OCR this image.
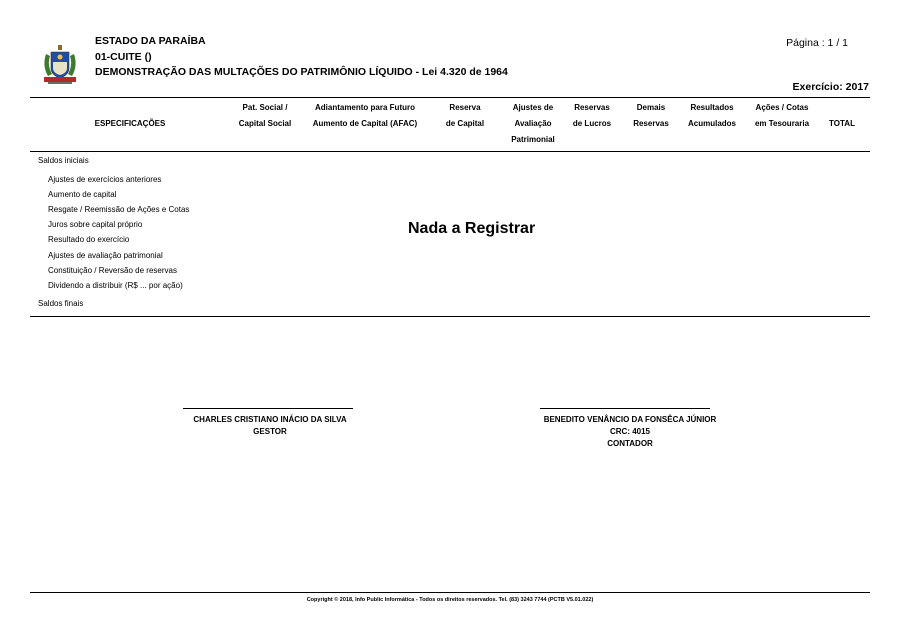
ESTADO DA PARAÍBA
01-CUITE ()
DEMONSTRAÇÃO DAS MULTAÇÕES DO PATRIMÔNIO LÍQUIDO - Lei 4.320 de 1964
Página : 1 / 1
Exercício: 2017
ESPECIFICAÇÕES
Pat. Social /
Capital Social
Adiantamento para Futuro
Aumento de Capital (AFAC)
Reserva
de Capital
Ajustes de
Avaliação
Patrimonial
Reservas
de Lucros
Demais
Reservas
Resultados
Acumulados
Ações / Cotas
em Tesouraria	TOTAL
Saldos iniciais
Ajustes de exercícios anteriores
Aumento de capital
Resgate / Reemissão de Ações e Cotas
Juros sobre capital próprio
Resultado do exercício
Ajustes de avaliação patrimonial
Constituição / Reversão de reservas
Dividendo a distribuir (R$ ... por ação)
Saldos finais
Nada a Registrar
CHARLES CRISTIANO INÁCIO DA SILVA
GESTOR
BENEDITO VENÂNCIO DA FONSÊCA JÚNIOR
CRC: 4015
CONTADOR
Copyright © 2018, Info Public Informática - Todos os direitos reservados. Tel. (83) 3243 7744 (PCTB V5.01.022)
